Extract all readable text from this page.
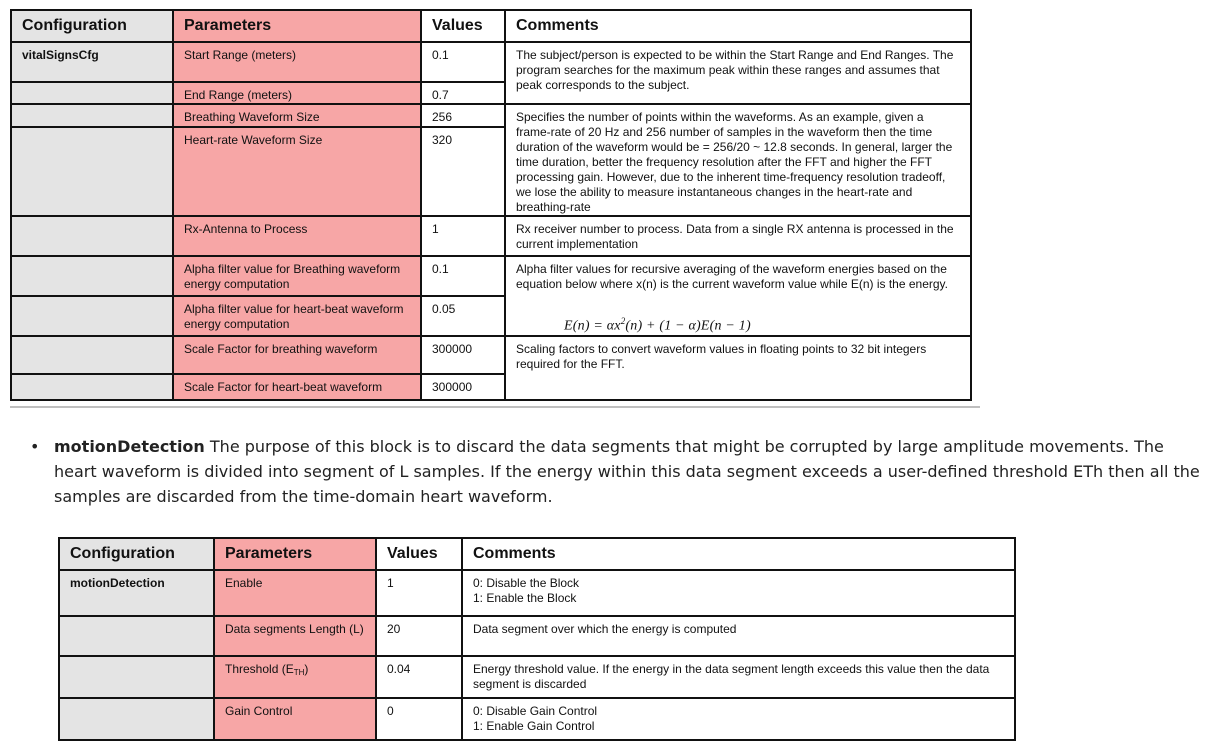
Configuration	Parameters	Values	Comments
vitalSignsCfg	Start Range (meters)	0.1	The subject/person is expected to be within the Start Range and End Ranges. The program searches for the maximum peak within these ranges and assumes that peak corresponds to the subject.
	End Range (meters)	0.7	
	Breathing Waveform Size	256	Specifies the number of points within the waveforms. As an example, given a frame-rate of 20 Hz and 256 number of samples in the waveform then the time duration of the waveform would be = 256/20 ~ 12.8 seconds. In general, larger the time duration, better the frequency resolution after the FFT and higher the FFT processing gain. However, due to the inherent time-frequency resolution tradeoff, we lose the ability to measure instantaneous changes in the heart-rate and breathing-rate
	Heart-rate Waveform Size	320	
	Rx-Antenna to Process	1	Rx receiver number to process. Data from a single RX antenna is processed in the current implementation
	Alpha filter value for Breathing waveform energy computation	0.1	Alpha filter values for recursive averaging of the waveform energies based on the equation below where x(n) is the current waveform value while E(n) is the energy.
$E(n) = \alpha x^2(n) + (1 - \alpha)E(n - 1)$

	Alpha filter value for heart-beat waveform energy computation	0.05	
	Scale Factor for breathing waveform	300000	Scaling factors to convert waveform values in floating points to 32 bit integers required for the FFT.
	Scale Factor for heart-beat waveform	300000	
• motionDetection The purpose of this block is to discard the data segments that might be corrupted by large amplitude movements. The heart waveform is divided into segment of L samples. If the energy within this data segment exceeds a user-defined threshold ETh then all the samples are discarded from the time-domain heart waveform.
Configuration	Parameters	Values	Comments
motionDetection	Enable	1	0: Disable the Block
1: Enable the Block

	Data segments Length (L)	20	Data segment over which the energy is computed
	Threshold $(E_{TH})$	0.04	Energy threshold value. If the energy in the data segment length exceeds this value then the data segment is discarded
	Gain Control	0	0: Disable Gain Control
1: Enable Gain Control
